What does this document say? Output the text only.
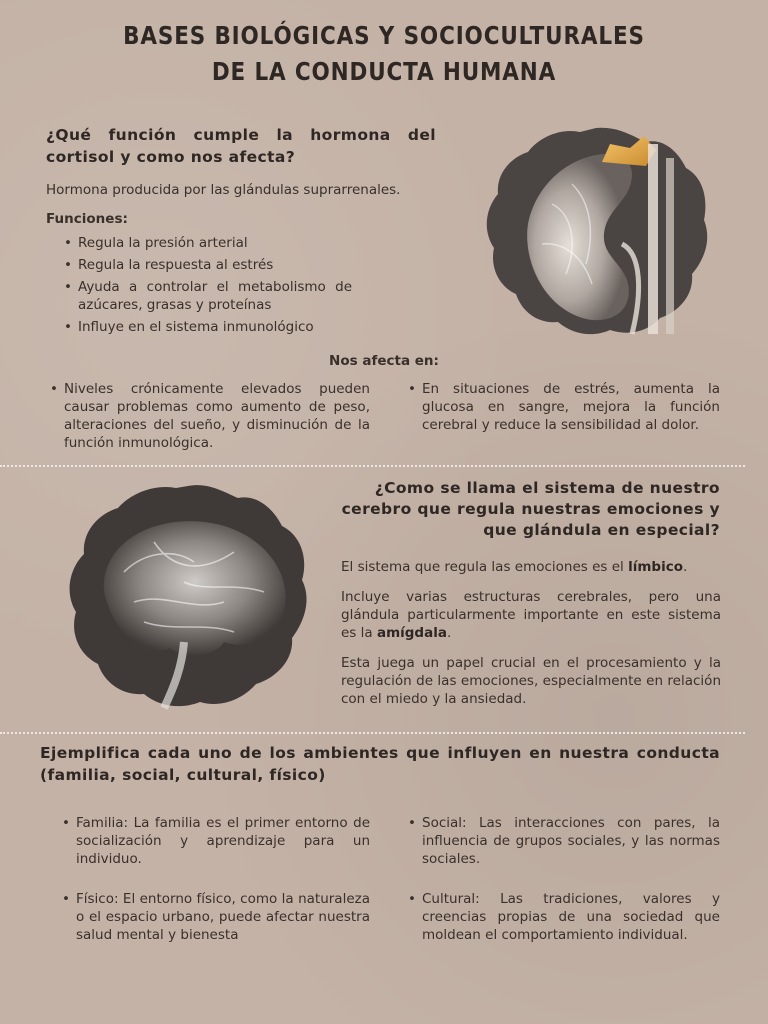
BASES BIOLÓGICAS Y SOCIOCULTURALES DE LA CONDUCTA HUMANA
¿Qué función cumple la hormona del cortisol y como nos afecta?
Hormona producida por las glándulas suprarrenales.
Funciones:
• Regula la presión arterial
• Regula la respuesta al estrés
• Ayuda a controlar el metabolismo de azúcares, grasas y proteínas
• Influye en el sistema inmunológico
Nos afecta en:
• Niveles crónicamente elevados pueden causar problemas como aumento de peso, alteraciones del sueño, y disminución de la función inmunológica.
• En situaciones de estrés, aumenta la glucosa en sangre, mejora la función cerebral y reduce la sensibilidad al dolor.
¿Como se llama el sistema de nuestro cerebro que regula nuestras emociones y que glándula en especial?
El sistema que regula las emociones es el límbico.
Incluye varias estructuras cerebrales, pero una glándula particularmente importante en este sistema es la amígdala.
Esta juega un papel crucial en el procesamiento y la regulación de las emociones, especialmente en relación con el miedo y la ansiedad.
Ejemplifica cada uno de los ambientes que influyen en nuestra conducta (familia, social, cultural, físico)
• Familia: La familia es el primer entorno de socialización y aprendizaje para un individuo.
• Físico: El entorno físico, como la naturaleza o el espacio urbano, puede afectar nuestra salud mental y bienesta
• Social: Las interacciones con pares, la influencia de grupos sociales, y las normas sociales.
• Cultural: Las tradiciones, valores y creencias propias de una sociedad que moldean el comportamiento individual.
